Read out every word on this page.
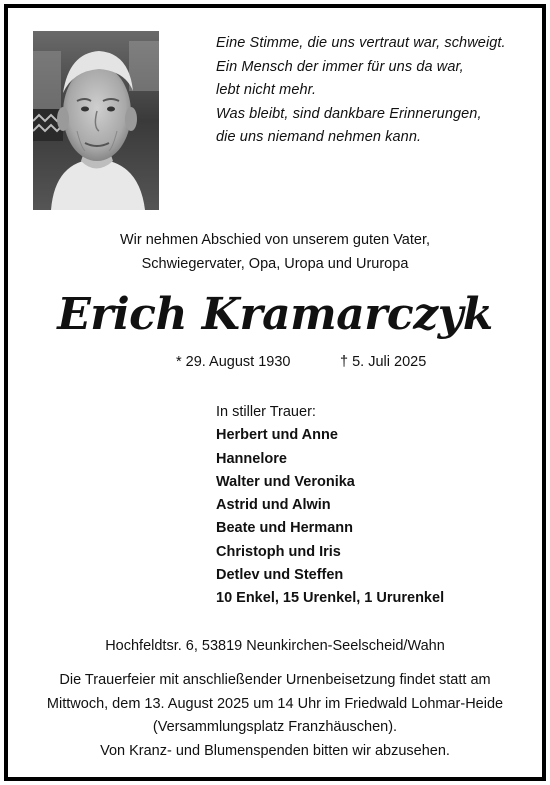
Eine Stimme, die uns vertraut war, schweigt.
Ein Mensch der immer für uns da war,
lebt nicht mehr.
Was bleibt, sind dankbare Erinnerungen,
die uns niemand nehmen kann.
Wir nehmen Abschied von unserem guten Vater,
Schwiegervater, Opa, Uropa und Ururopa
Erich Kramarczyk
* 29. August 1930	† 5. Juli 2025
In stiller Trauer:
Herbert und Anne
Hannelore
Walter und Veronika
Astrid und Alwin
Beate und Hermann
Christoph und Iris
Detlev und Steffen
10 Enkel, 15 Urenkel, 1 Ururenkel
Hochfeldtsr. 6, 53819 Neunkirchen-Seelscheid/Wahn
Die Trauerfeier mit anschließender Urnenbeisetzung findet statt am
Mittwoch, dem 13. August 2025 um 14 Uhr im Friedwald Lohmar-Heide
(Versammlungsplatz Franzhäuschen).
Von Kranz- und Blumenspenden bitten wir abzusehen.
